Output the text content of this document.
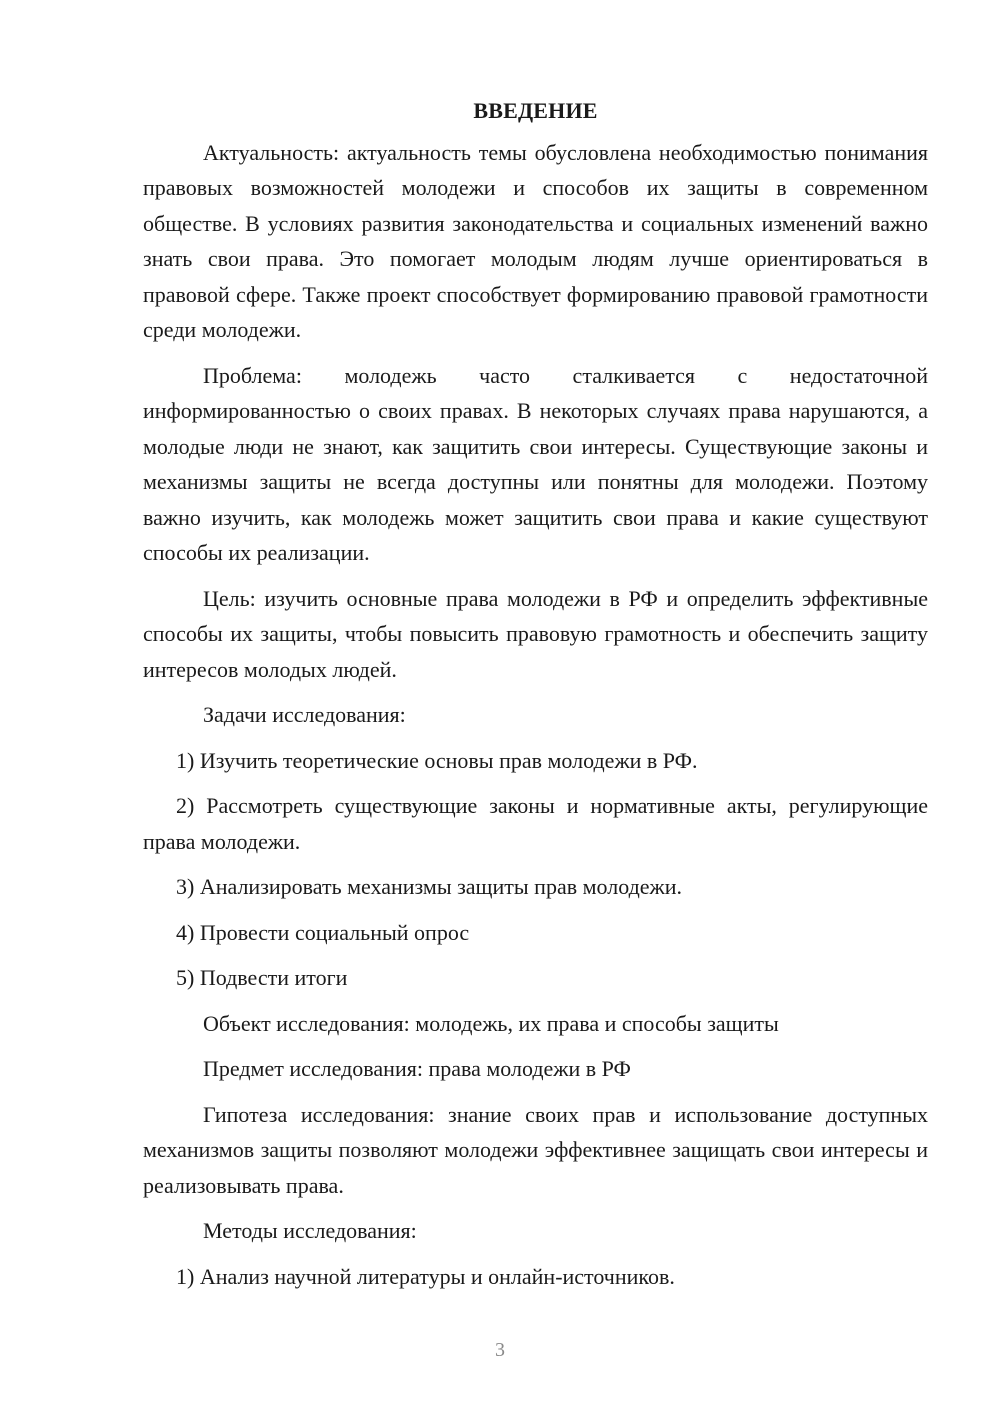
ВВЕДЕНИЕ

Актуальность: актуальность темы обусловлена необходимостью понимания правовых возможностей молодежи и способов их защиты в современном обществе. В условиях развития законодательства и социальных изменений важно знать свои права. Это помогает молодым людям лучше ориентироваться в правовой сфере. Также проект способствует формированию правовой грамотности среди молодежи.

Проблема: молодежь часто сталкивается с недостаточной информированностью о своих правах. В некоторых случаях права нарушаются, а молодые люди не знают, как защитить свои интересы. Существующие законы и механизмы защиты не всегда доступны или понятны для молодежи. Поэтому важно изучить, как молодежь может защитить свои права и какие существуют способы их реализации.

Цель: изучить основные права молодежи в РФ и определить эффективные способы их защиты, чтобы повысить правовую грамотность и обеспечить защиту интересов молодых людей.

Задачи исследования:

1) Изучить теоретические основы прав молодежи в РФ.

2) Рассмотреть существующие законы и нормативные акты, регулирующие права молодежи.

3) Анализировать механизмы защиты прав молодежи.

4) Провести социальный опрос

5) Подвести итоги

Объект исследования: молодежь, их права и способы защиты

Предмет исследования: права молодежи в РФ

Гипотеза исследования: знание своих прав и использование доступных механизмов защиты позволяют молодежи эффективнее защищать свои интересы и реализовывать права.

Методы исследования:

1) Анализ научной литературы и онлайн-источников.

3
